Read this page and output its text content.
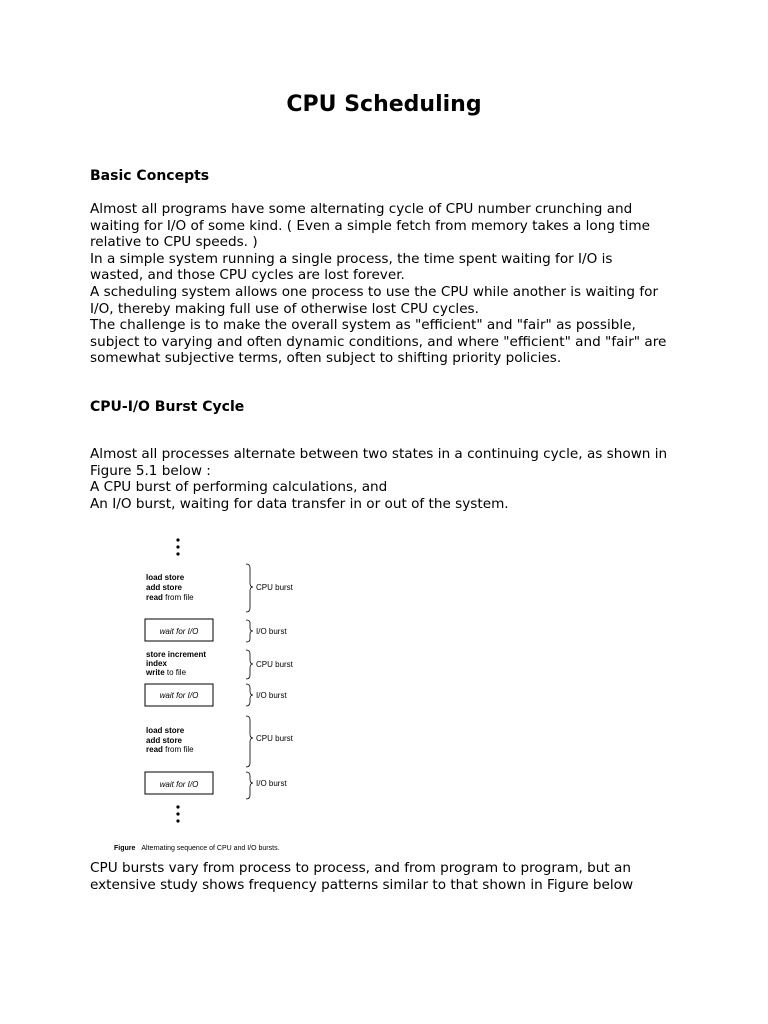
CPU Scheduling
Basic Concepts
Almost all programs have some alternating cycle of CPU number crunching and
waiting for I/O of some kind. ( Even a simple fetch from memory takes a long time
relative to CPU speeds. )
In a simple system running a single process, the time spent waiting for I/O is
wasted, and those CPU cycles are lost forever.
A scheduling system allows one process to use the CPU while another is waiting for
I/O, thereby making full use of otherwise lost CPU cycles.
The challenge is to make the overall system as "efficient" and "fair" as possible,
subject to varying and often dynamic conditions, and where "efficient" and "fair" are
somewhat subjective terms, often subject to shifting priority policies.
CPU-I/O Burst Cycle
Almost all processes alternate between two states in a continuing cycle, as shown in
Figure 5.1 below :
A CPU burst of performing calculations, and
An I/O burst, waiting for data transfer in or out of the system.
load store
add store
read from file
wait for I/O
store increment
index
write to file
wait for I/O
load store
add store
read from file
wait for I/O
CPU burst
I/O burst
CPU burst
I/O burst
CPU burst
I/O burst
Figure Alternating sequence of CPU and I/O bursts.
CPU bursts vary from process to process, and from program to program, but an
extensive study shows frequency patterns similar to that shown in Figure below
